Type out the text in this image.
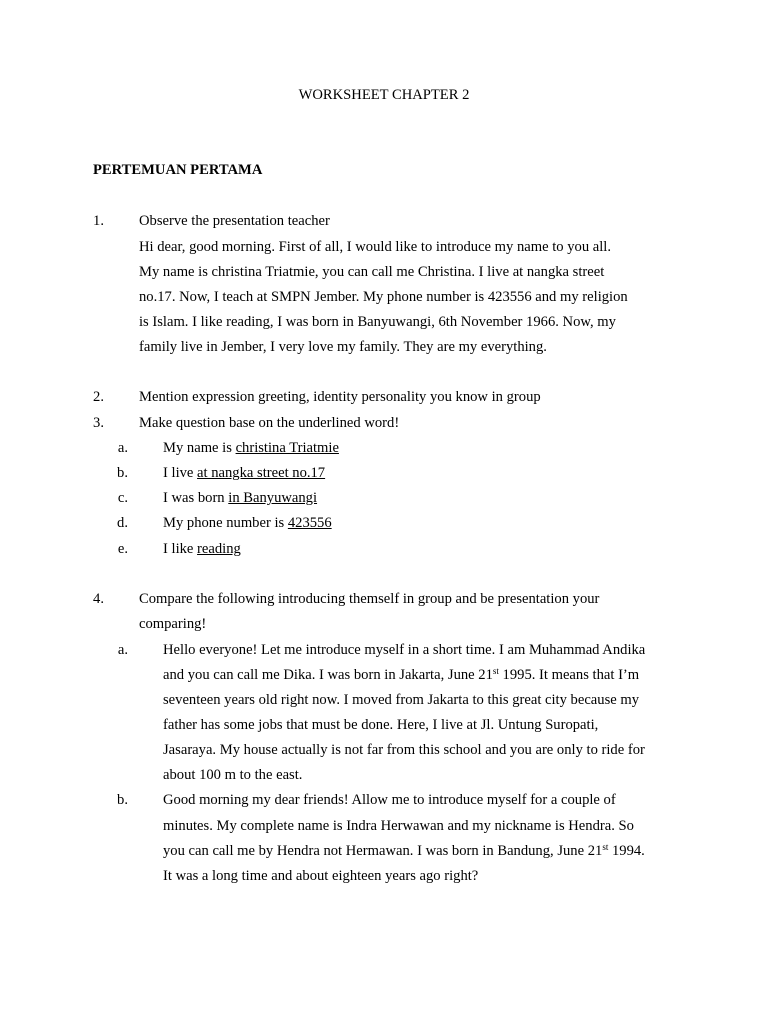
WORKSHEET CHAPTER 2
PERTEMUAN PERTAMA
1. Observe the presentation teacher
Hi dear, good morning. First of all, I would like to introduce my name to you all.
My name is christina Triatmie, you can call me Christina. I live at nangka street
no.17. Now, I teach at SMPN Jember. My phone number is 423556 and my religion
is Islam. I like reading, I was born in Banyuwangi, 6th November 1966. Now, my
family live in Jember, I very love my family. They are my everything.
2. Mention expression greeting, identity personality you know in group
3. Make question base on the underlined word!
a. My name is christina Triatmie
b. I live at nangka street no.17
c. I was born in Banyuwangi
d. My phone number is 423556
e. I like reading
4. Compare the following introducing themself in group and be presentation your
comparing!
a. Hello everyone! Let me introduce myself in a short time. I am Muhammad Andika
and you can call me Dika. I was born in Jakarta, June 21st 1995. It means that I’m
seventeen years old right now. I moved from Jakarta to this great city because my
father has some jobs that must be done. Here, I live at Jl. Untung Suropati,
Jasaraya. My house actually is not far from this school and you are only to ride for
about 100 m to the east.
b. Good morning my dear friends! Allow me to introduce myself for a couple of
minutes. My complete name is Indra Herwawan and my nickname is Hendra. So
you can call me by Hendra not Hermawan. I was born in Bandung, June 21st 1994.
It was a long time and about eighteen years ago right?
